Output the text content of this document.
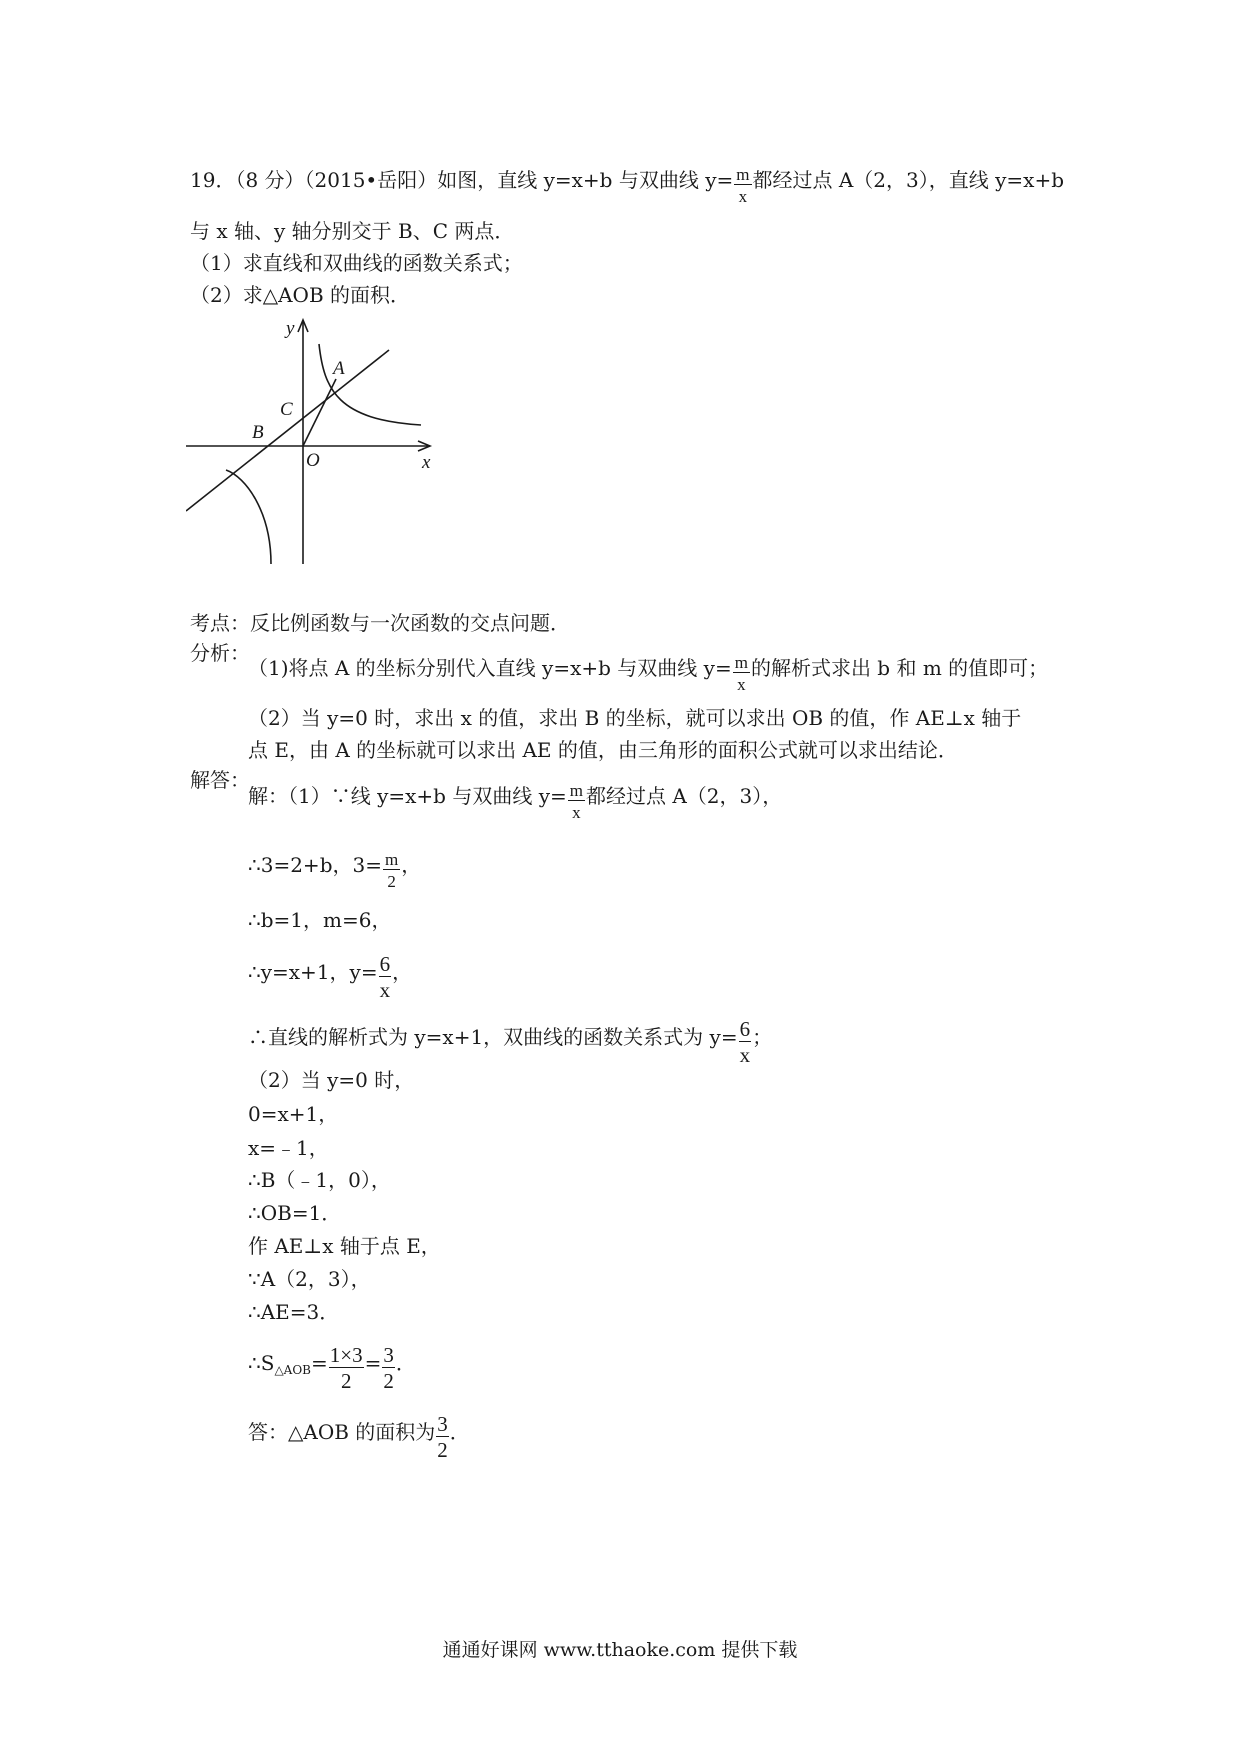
19．（8 分）（2015•岳阳）如图，直线 y=x+b 与双曲线 $y= \frac{m}{x}$ 都经过点 A（2，3），直线 y=x+b
与 x 轴、y 轴分别交于 B、C 两点．
（1）求直线和双曲线的函数关系式；
（2）求△AOB 的面积．
y
A
C
B
O	x
考点：反比例函数与一次函数的交点问题．
分析：
（1)将点 A 的坐标分别代入直线 y=x+b 与双曲线 $y= \frac{m}{x}$ 的解析式求出 b 和 m 的值即可；
（2）当 y=0 时，求出 x 的值，求出 B 的坐标，就可以求出 OB 的值，作 AE⊥x 轴于
点 E，由 A 的坐标就可以求出 AE 的值，由三角形的面积公式就可以求出结论．
解答：
解：（1）∵线 y=x+b 与双曲线 $y= \frac{m}{x}$ 都经过点 A（2，3），
∴3=2+b，$3= \frac{m}{2}$ ，
∴b=1，m=6，
∴y=x+1，$y= \frac{6}{x}$ ，
∴直线的解析式为 y=x+1，双曲线的函数关系式为 $y= \frac{6}{x}$ ；
（2）当 y=0 时，
0=x+1，
x=﹣1，
∴B（﹣1，0），
∴OB=1．
作 AE⊥x 轴于点 E，
∵A（2，3），
∴AE=3．
$\therefore S_{\triangle AOB}= \frac{1\times 3}{2} = \frac{3}{2}$ ．
答：△AOB 的面积为 $\frac{3}{2}$ ．
通通好课网 www.tthaoke.com 提供下载
